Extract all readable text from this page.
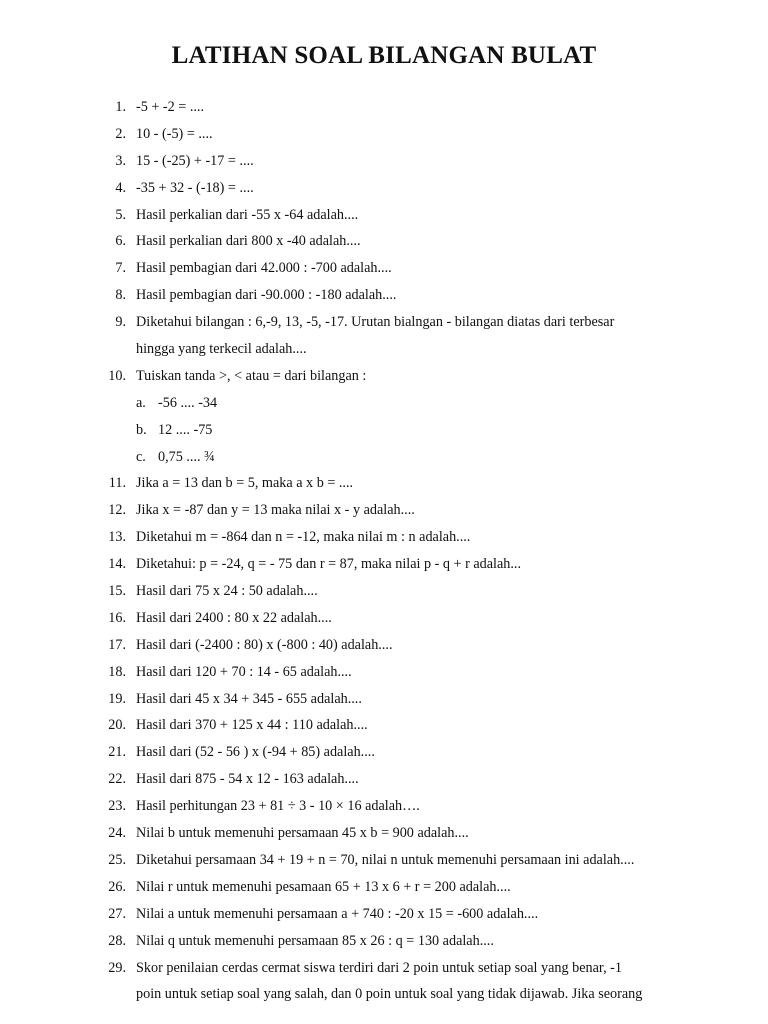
LATIHAN SOAL BILANGAN BULAT
1. -5 + -2 = ....
2. 10 - (-5) = ....
3. 15 - (-25) + -17 = ....
4. -35 + 32 - (-18) = ....
5. Hasil perkalian dari -55 x -64 adalah....
6. Hasil perkalian dari 800 x -40 adalah....
7. Hasil pembagian dari 42.000 : -700 adalah....
8. Hasil pembagian dari -90.000 : -180 adalah....
9. Diketahui bilangan : 6,-9, 13, -5, -17. Urutan bialngan - bilangan diatas dari terbesar
hingga yang terkecil adalah....
10. Tuiskan tanda >, < atau = dari bilangan :
a. -56 .... -34
b. 12 .... -75
c. 0,75 .... ¾
11. Jika a = 13 dan b = 5, maka a x b = ....
12. Jika x = -87 dan y = 13 maka nilai x - y adalah....
13. Diketahui m = -864 dan n = -12, maka nilai m : n adalah....
14. Diketahui: p = -24, q = - 75 dan r = 87, maka nilai p - q + r adalah...
15. Hasil dari 75 x 24 : 50 adalah....
16. Hasil dari 2400 : 80 x 22 adalah....
17. Hasil dari (-2400 : 80) x (-800 : 40) adalah....
18. Hasil dari 120 + 70 : 14 - 65 adalah....
19. Hasil dari 45 x 34 + 345 - 655 adalah....
20. Hasil dari 370 + 125 x 44 : 110 adalah....
21. Hasil dari (52 - 56 ) x (-94 + 85) adalah....
22. Hasil dari 875 - 54 x 12 - 163 adalah....
23. Hasil perhitungan 23 + 81 ÷ 3 - 10 × 16 adalah….
24. Nilai b untuk memenuhi persamaan 45 x b = 900 adalah....
25. Diketahui persamaan 34 + 19 + n = 70, nilai n untuk memenuhi persamaan ini adalah....
26. Nilai r untuk memenuhi pesamaan 65 + 13 x 6 + r = 200 adalah....
27. Nilai a untuk memenuhi persamaan a + 740 : -20 x 15 = -600 adalah....
28. Nilai q untuk memenuhi persamaan 85 x 26 : q = 130 adalah....
29. Skor penilaian cerdas cermat siswa terdiri dari 2 poin untuk setiap soal yang benar, -1
poin untuk setiap soal yang salah, dan 0 poin untuk soal yang tidak dijawab. Jika seorang
